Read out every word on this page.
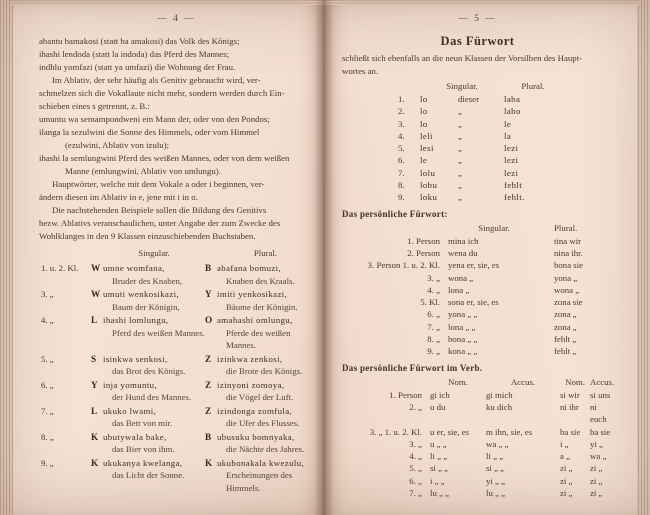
— 4 —
abantu bamakosi (statt ba amakosi) das Volk des Königs;
ihashi lendoda (statt la indoda) das Pferd des Mannes;
indhlu yomfazi (statt ya umfazi) die Wohnung der Frau.
Im Ablativ, der sehr häufig als Genitiv gebraucht wird, ver-
schmelzen sich die Vokallaute nicht mehr, sondern werden durch Ein-
schieben eines s getrennt, z. B.:
umuntu wa semampondweni ein Mann der, oder von den Pondos;
ilanga la sezulwini die Sonne des Himmels, oder vom Himmel
(ezulwini, Ablativ von izulu);
ihashi la semlungwini Pferd des weißen Mannes, oder von dem weißen
Manne (emlungwini, Ablativ von umlungu).
Hauptwörter, welche mit dem Vokale a oder i beginnen, ver-
ändern diesen im Ablativ in e, jene mit i in o.
Die nachstehenden Beispiele sollen die Bildung des Genitivs
bezw. Ablativs veranschaulichen, unter Angabe der zum Zwecke des
Wohlklanges in den 9 Klassen einzuschiebenden Buchstaben.
Singular.	Plural.
1. u. 2. Kl.	W umne womfana,
Bruder des Knaben,
B abafana bomuzi,
Knaben des Kraals.
3. „	W umuti wenkosikazi,
Baum der Königin,
Y imiti yenkosikazi,
Bäume der Königin.
4. „	L ihashi lomlungu,
Pferd des weißen Mannes.
O amahashi omlungu,
Pferde des weißen Mannes.
5. „	S isinkwa senkosi,
das Brot des Königs.
Z izinkwa zenkosi,
die Brote des Königs.
6. „	Y inja yomuntu,
der Hund des Mannes.
Z izinyoni zomoya,
die Vögel der Luft.
7. „	L ukuko lwami,
das Bett von mir.
Z izindonga zomfula,
die Ufer des Flusses.
8. „	K ubutywala bake,
das Bier von ihm.
B ubusuku bomnyaka,
die Nächte des Jahres.
9. „	K ukukanya kwelanga,
das Licht der Sonne.
K ukubonakala kwezulu,
Erscheinungen des Himmels.
— 5 —
Das Fürwort
schließt sich ebenfalls an die neun Klassen der Vorsilben des Haupt-
wortes an.
Singular.	Plural.
1.	lo	dieser	laba
2.	lo	„	labo
3.	lo	„	le
4.	leli	„	la
5.	lesi	„	lezi
6.	le	„	lezi
7.	lolu	„	lezi
8.	lobu	„	fehlt
9.	loku	„	fehlt.
Das persönliche Fürwort:
Singular.	Plural.
1. Person mina ich	tina wir
2. Person wena du	nina ihr.
3. Person 1. u. 2. Kl. yena er, sie, es	bona sie
3. „ wona „	yona „
4. „ lona „	wona „
5. Kl. sona er, sie, es	zona sie
6. „ yona „ „	zona „
7. „ lona „ „	zona „
8. „ bona „ „	fehlt „
9. „ kona „ „	fehlt „
Das persönliche Fürwort im Verb.
Nom.	Accus.	Nom. Accus.
1. Person gi ich	gi mich	si wir	si uns
2. „ u du	ku dich	ni ihr	ni euch
3. „ 1. u. 2. Kl. u er, sie, es	m ihn, sie, es	ba sie	ba sie
3. „ u „ „	wa „ „	i „	yi „
4. „ li „ „	li „ „	a „	wa „
5. „ si „ „	si „ „	zi „	zi „
6. „ i „ „	yi „ „	zi „	zi „
7. „ lu „ „	lu „ „	zi „	zi „
